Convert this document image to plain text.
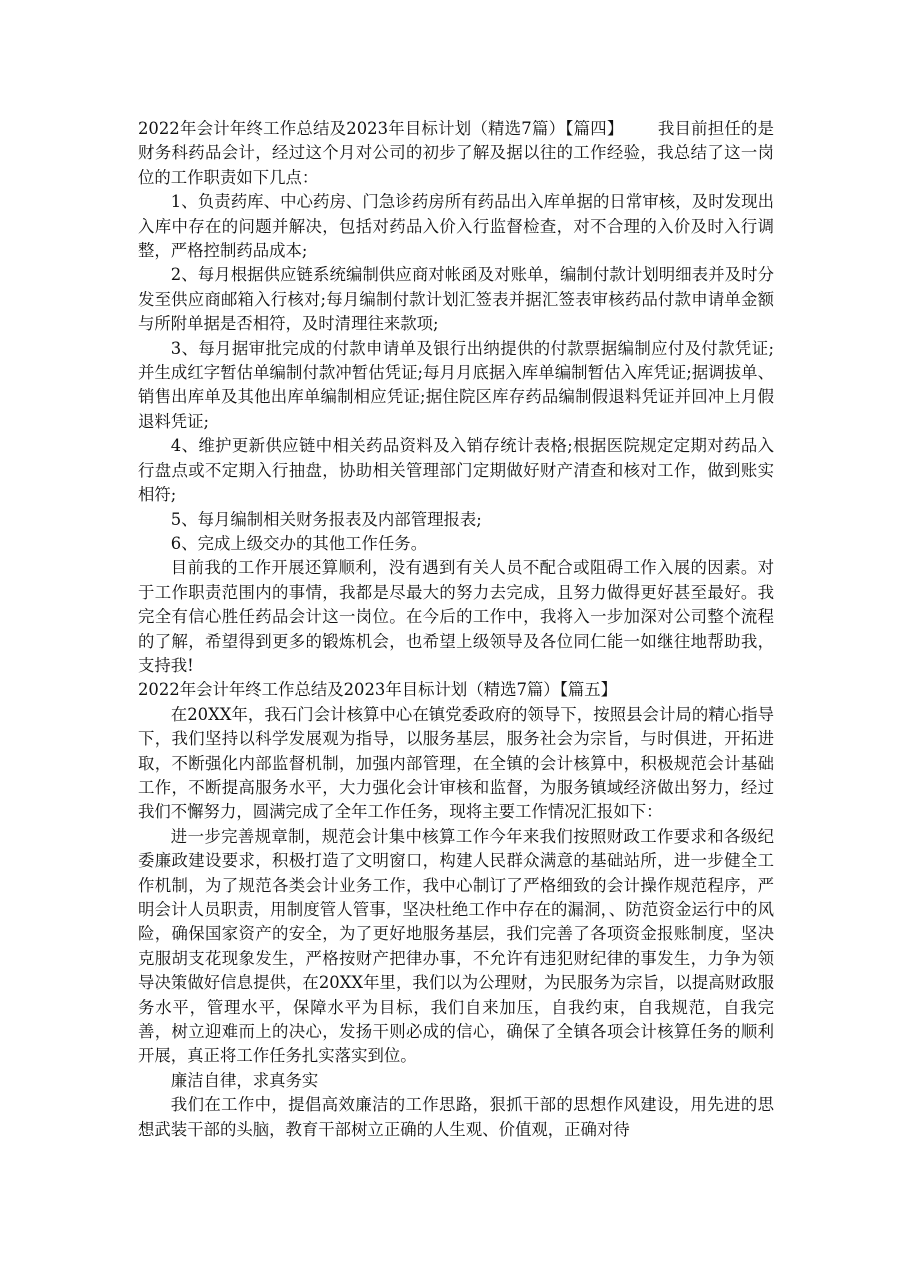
2022年会计年终工作总结及2023年目标计划（精选7篇）【篇四】 我目前担任的是财务科药品会计，经过这个月对公司的初步了解及据以往的工作经验，我总结了这一岗位的工作职责如下几点：

1、负责药库、中心药房、门急诊药房所有药品出入库单据的日常审核，及时发现出入库中存在的问题并解决，包括对药品入价入行监督检查，对不合理的入价及时入行调整，严格控制药品成本;

2、每月根据供应链系统编制供应商对帐函及对账单，编制付款计划明细表并及时分发至供应商邮箱入行核对;每月编制付款计划汇签表并据汇签表审核药品付款申请单金额与所附单据是否相符，及时清理往来款项;

3、每月据审批完成的付款申请单及银行出纳提供的付款票据编制应付及付款凭证;并生成红字暂估单编制付款冲暂估凭证;每月月底据入库单编制暂估入库凭证;据调拔单、销售出库单及其他出库单编制相应凭证;据住院区库存药品编制假退料凭证并回冲上月假退料凭证;

4、维护更新供应链中相关药品资料及入销存统计表格;根据医院规定定期对药品入行盘点或不定期入行抽盘，协助相关管理部门定期做好财产清查和核对工作，做到账实相符;

5、每月编制相关财务报表及内部管理报表;

6、完成上级交办的其他工作任务。

目前我的工作开展还算顺利，没有遇到有关人员不配合或阻碍工作入展的因素。对于工作职责范围内的事情，我都是尽最大的努力去完成，且努力做得更好甚至最好。我完全有信心胜任药品会计这一岗位。在今后的工作中，我将入一步加深对公司整个流程的了解，希望得到更多的锻炼机会，也希望上级领导及各位同仁能一如继往地帮助我，支持我!

2022年会计年终工作总结及2023年目标计划（精选7篇）【篇五】

在20XX年，我石门会计核算中心在镇党委政府的领导下，按照县会计局的精心指导下，我们坚持以科学发展观为指导，以服务基层，服务社会为宗旨，与时俱进，开拓进取，不断强化内部监督机制，加强内部管理，在全镇的会计核算中，积极规范会计基础工作，不断提高服务水平，大力强化会计审核和监督，为服务镇域经济做出努力，经过我们不懈努力，圆满完成了全年工作任务，现将主要工作情况汇报如下：

进一步完善规章制，规范会计集中核算工作今年来我们按照财政工作要求和各级纪委廉政建设要求，积极打造了文明窗口，构建人民群众满意的基础站所，进一步健全工作机制，为了规范各类会计业务工作，我中心制订了严格细致的会计操作规范程序，严明会计人员职责，用制度管人管事，坚决杜绝工作中存在的漏洞，、防范资金运行中的风险，确保国家资产的安全，为了更好地服务基层，我们完善了各项资金报账制度，坚决克服胡支花现象发生，严格按财产把律办事，不允许有违犯财纪律的事发生，力争为领导决策做好信息提供，在20XX年里，我们以为公理财，为民服务为宗旨，以提高财政服务水平，管理水平，保障水平为目标，我们自来加压，自我约束，自我规范，自我完善，树立迎难而上的决心，发扬干则必成的信心，确保了全镇各项会计核算任务的顺利开展，真正将工作任务扎实落实到位。

廉洁自律，求真务实

我们在工作中，提倡高效廉洁的工作思路，狠抓干部的思想作风建设，用先进的思想武装干部的头脑，教育干部树立正确的人生观、价值观，正确对待
